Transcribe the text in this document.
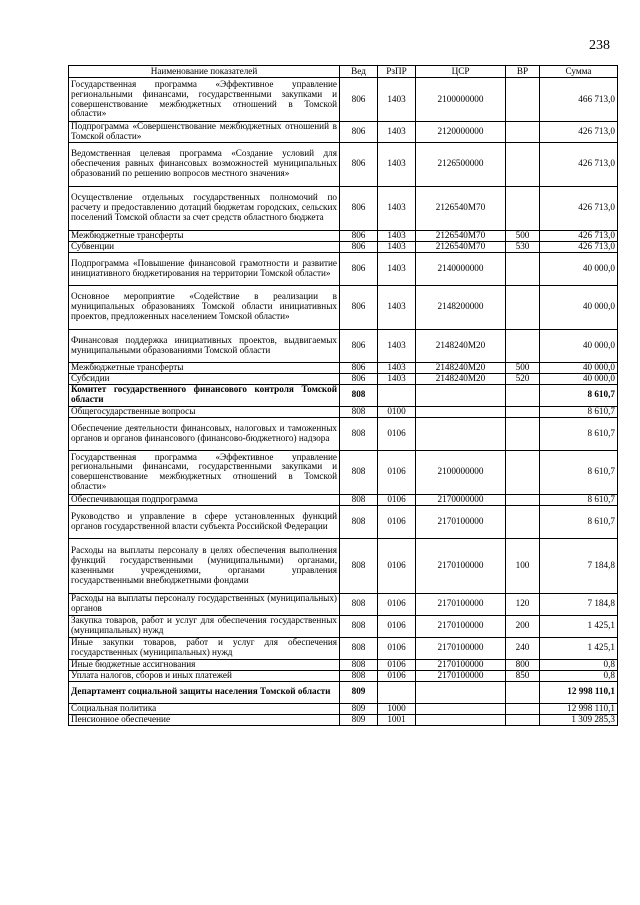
238
Наименование показателей	Вед	РзПР	ЦСР	ВР	Сумма
Государственная программа «Эффективное управление региональными финансами, государственными закупками и совершенствование межбюджетных отношений в Томской области»	806	1403	2100000000		466 713,0
Подпрограмма «Совершенствование межбюджетных отношений в Томской области»	806	1403	2120000000		426 713,0
Ведомственная целевая программа «Создание условий для обеспечения равных финансовых возможностей муниципальных образований по решению вопросов местного значения»	806	1403	2126500000		426 713,0
Осуществление отдельных государственных полномочий по расчету и предоставлению дотаций бюджетам городских, сельских поселений Томской области за счет средств областного бюджета	806	1403	2126540М70		426 713,0
Межбюджетные трансферты	806	1403	2126540М70	500	426 713,0
Субвенции	806	1403	2126540М70	530	426 713,0
Подпрограмма «Повышение финансовой грамотности и развитие инициативного бюджетирования на территории Томской области»	806	1403	2140000000		40 000,0
Основное мероприятие «Содействие в реализации в муниципальных образованиях Томской области инициативных проектов, предложенных населением Томской области»	806	1403	2148200000		40 000,0
Финансовая поддержка инициативных проектов, выдвигаемых муниципальными образованиями Томской области	806	1403	2148240М20		40 000,0
Межбюджетные трансферты	806	1403	2148240М20	500	40 000,0
Субсидии	806	1403	2148240М20	520	40 000,0
Комитет государственного финансового контроля Томской области	808				8 610,7
Общегосударственные вопросы	808	0100			8 610,7
Обеспечение деятельности финансовых, налоговых и таможенных органов и органов финансового (финансово-бюджетного) надзора	808	0106			8 610,7
Государственная программа «Эффективное управление региональными финансами, государственными закупками и совершенствование межбюджетных отношений в Томской области»	808	0106	2100000000		8 610,7
Обеспечивающая подпрограмма	808	0106	2170000000		8 610,7
Руководство и управление в сфере установленных функций органов государственной власти субъекта Российской Федерации	808	0106	2170100000		8 610,7
Расходы на выплаты персоналу в целях обеспечения выполнения функций государственными (муниципальными) органами, казенными учреждениями, органами управления государственными внебюджетными фондами	808	0106	2170100000	100	7 184,8
Расходы на выплаты персоналу государственных (муниципальных) органов	808	0106	2170100000	120	7 184,8
Закупка товаров, работ и услуг для обеспечения государственных (муниципальных) нужд	808	0106	2170100000	200	1 425,1
Иные закупки товаров, работ и услуг для обеспечения государственных (муниципальных) нужд	808	0106	2170100000	240	1 425,1
Иные бюджетные ассигнования	808	0106	2170100000	800	0,8
Уплата налогов, сборов и иных платежей	808	0106	2170100000	850	0,8
Департамент социальной защиты населения Томской области	809				12 998 110,1
Социальная политика	809	1000			12 998 110,1
Пенсионное обеспечение	809	1001			1 309 285,3
